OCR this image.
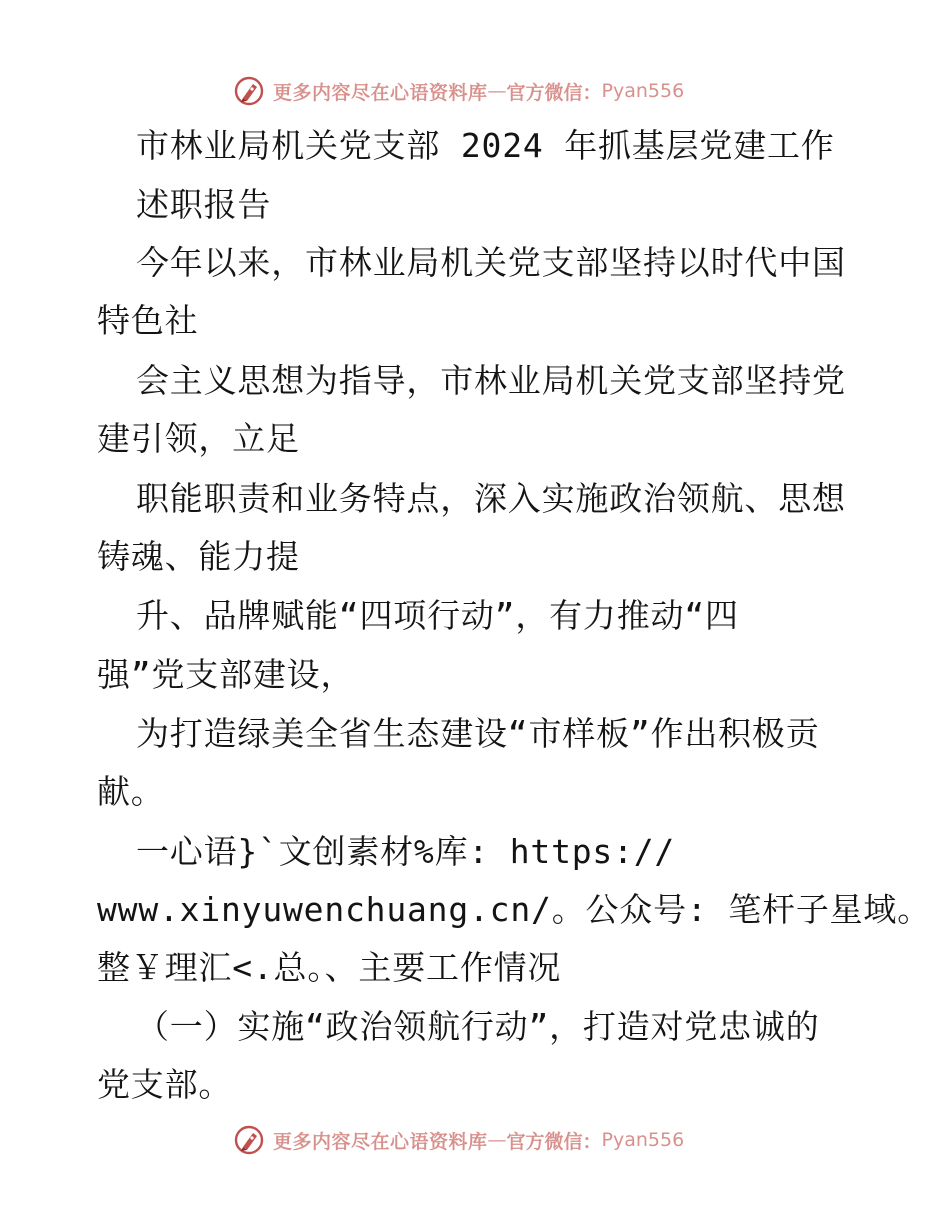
更多内容尽在心语资料库 — 官方微信： Pyan556
市林业局机关党支部 2024 年抓基层党建工作
述职报告
今年以来，市林业局机关党支部坚持以时代中国
特色社
会主义思想为指导，市林业局机关党支部坚持党
建引领，立足
职能职责和业务特点，深入实施政治领航、思想
铸魂、能力提
升、品牌赋能“四项行动”，有力推动“四
强”党支部建设，
为打造绿美全省生态建设“市样板”作出积极贡
献。
一心语}`文创素材%库: https://
www.xinyuwenchuang.cn/。公众号: 笔杆子星域。
整￥理汇<.总。、主要工作情况
（一）实施“政治领航行动”，打造对党忠诚的
党支部。
更多内容尽在心语资料库 — 官方微信： Pyan556
